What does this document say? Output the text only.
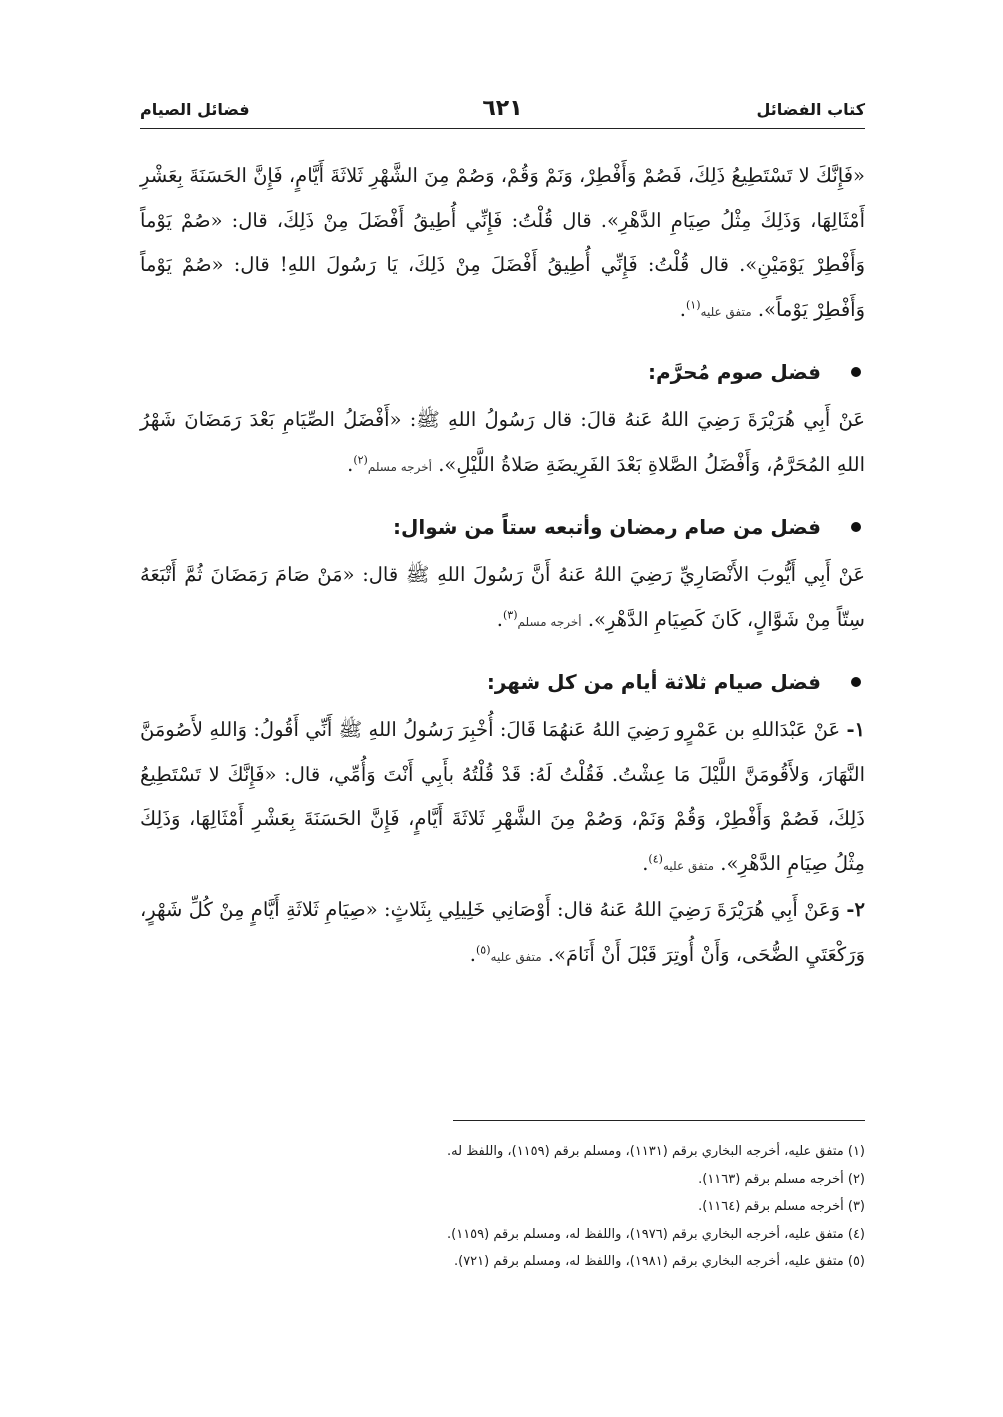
كتاب الفضائل
٦٢١
فضائل الصيام

«فَإِنَّكَ لا تَسْتَطِيعُ ذَلِكَ، فَصُمْ وَأَفْطِرْ، وَنَمْ وَقُمْ، وَصُمْ مِنَ الشَّهْرِ ثَلاثَةَ أَيَّامٍ، فَإِنَّ الحَسَنَةَ بِعَشْرِ أَمْثَالِهَا، وَذَلِكَ مِثْلُ صِيَامِ الدَّهْرِ». قال قُلْتُ: فَإِنِّي أُطِيقُ أَفْضَلَ مِنْ ذَلِكَ، قال: «صُمْ يَوْماً وَأَفْطِرْ يَوْمَيْنِ». قال قُلْتُ: فَإِنِّي أُطِيقُ أَفْضَلَ مِنْ ذَلِكَ، يَا رَسُولَ اللهِ! قال: «صُمْ يَوْماً وَأَفْطِرْ يَوْماً». متفق عليه$^{(١)}$.

فضل صوم مُحرَّم:

عَنْ أَبِي هُرَيْرَةَ رَضِيَ اللهُ عَنهُ قالَ: قال رَسُولُ اللهِ ﷺ: «أَفْضَلُ الصِّيَامِ بَعْدَ رَمَضَانَ شَهْرُ اللهِ المُحَرَّمُ، وَأَفْضَلُ الصَّلاةِ بَعْدَ الفَرِيضَةِ صَلاةُ اللَّيْلِ». أخرجه مسلم$^{(٢)}$.

فضل من صام رمضان وأتبعه ستاً من شوال:

عَنْ أَبِي أَيُّوبَ الأَنْصَارِيِّ رَضِيَ اللهُ عَنهُ أَنَّ رَسُولَ اللهِ ﷺ قال: «مَنْ صَامَ رَمَضَانَ ثُمَّ أَتْبَعَهُ سِتّاً مِنْ شَوَّالٍ، كَانَ كَصِيَامِ الدَّهْرِ». أخرجه مسلم$^{(٣)}$.

فضل صيام ثلاثة أيام من كل شهر:

١- عَنْ عَبْدَاللهِ بن عَمْرٍو رَضِيَ اللهُ عَنهُمَا قَالَ: أُخْبِرَ رَسُولُ اللهِ ﷺ أَنِّي أَقُولُ: وَاللهِ لأَصُومَنَّ النَّهَارَ، وَلأَقُومَنَّ اللَّيْلَ مَا عِشْتُ. فَقُلْتُ لَهُ: قَدْ قُلْتُهُ بأَبِي أَنْتَ وَأُمِّي، قال: «فَإِنَّكَ لا تَسْتَطِيعُ ذَلِكَ، فَصُمْ وَأَفْطِرْ، وَقُمْ وَنَمْ، وَصُمْ مِنَ الشَّهْرِ ثَلاثَةَ أَيَّامٍ، فَإِنَّ الحَسَنَةَ بِعَشْرِ أَمْثَالِهَا، وَذَلِكَ مِثْلُ صِيَامِ الدَّهْرِ». متفق عليه$^{(٤)}$.

٢- وَعَنْ أَبِي هُرَيْرَةَ رَضِيَ اللهُ عَنهُ قال: أَوْصَانِي خَلِيلِي بِثَلاثٍ: «صِيَامِ ثَلاثَةِ أَيَّامٍ مِنْ كُلِّ شَهْرٍ، وَرَكْعَتَيِ الضُّحَى، وَأَنْ أُوتِرَ قَبْلَ أَنْ أَنَامَ». متفق عليه$^{(٥)}$.

(١) متفق عليه، أخرجه البخاري برقم (١١٣١)، ومسلم برقم (١١٥٩)، واللفظ له.

(٢) أخرجه مسلم برقم (١١٦٣).

(٣) أخرجه مسلم برقم (١١٦٤).

(٤) متفق عليه، أخرجه البخاري برقم (١٩٧٦)، واللفظ له، ومسلم برقم (١١٥٩).

(٥) متفق عليه، أخرجه البخاري برقم (١٩٨١)، واللفظ له، ومسلم برقم (٧٢١).
